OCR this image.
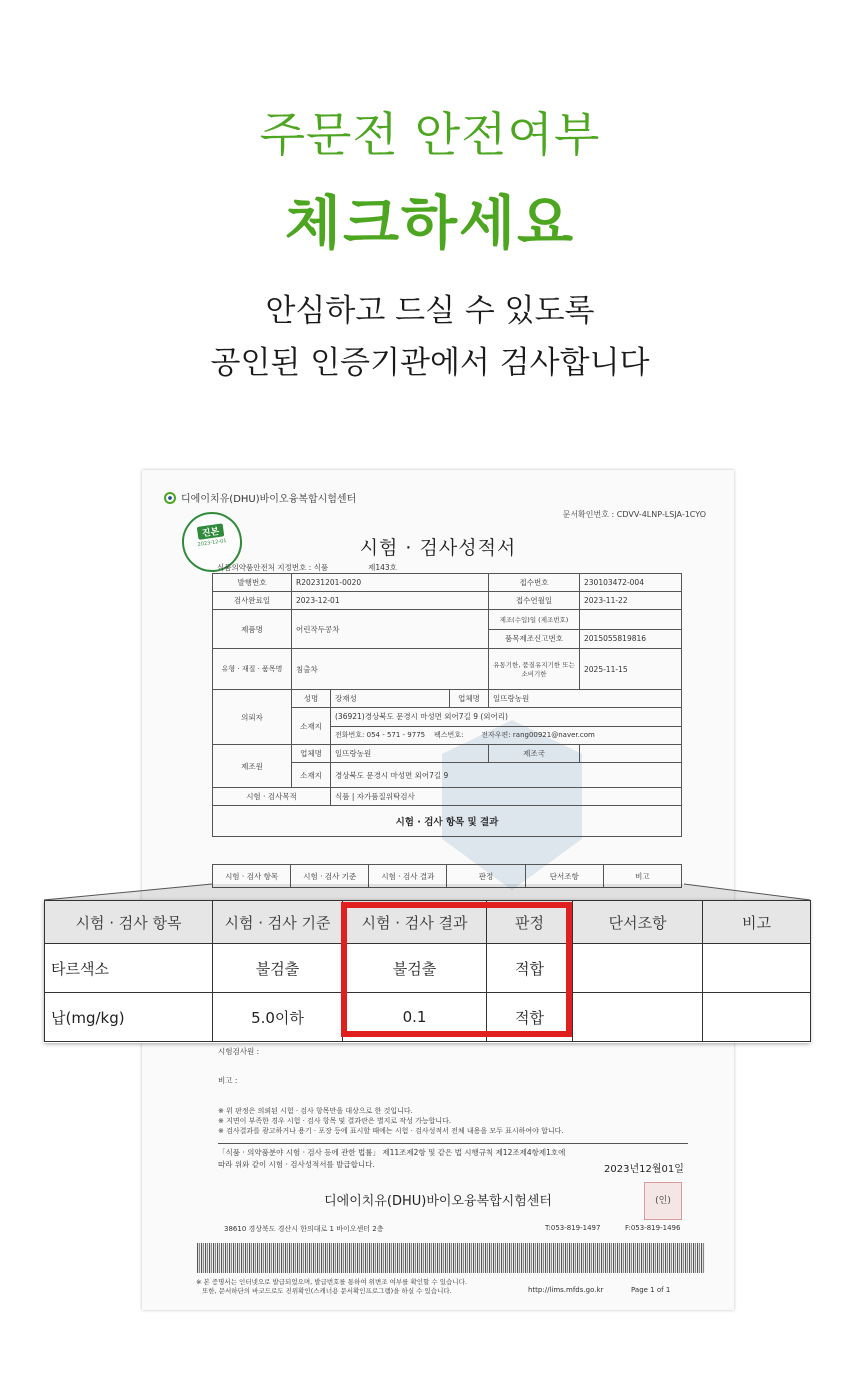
주문전 안전여부
체크하세요
안심하고 드실 수 있도록
공인된 인증기관에서 검사합니다
디에이치유(DHU)바이오융복합시험센터
문서확인번호 : CDVV-4LNP-LSJA-1CYO
진본
2023-12-01	시험 · 검사성적서
식품의약품안전처 지정번호 : 식품	제143호
발행번호	R20231201-0020			접수번호	230103472-004
검사완료일	2023-12-01			접수연월일	2023-11-22
제품명	어린작두콩차			제조(수입)일 (제조번호)	
				품목제조신고번호	2015055819816
유형 · 재질 · 품목명	침출차			유통기한, 품질유지기한 또는 소비기한	2025-11-15
의뢰자	성명	장재성	업체명	일뜨랑농원	
	소재지	(36921)경상북도 문경시 마성면 외어7길 9 (외어리)			
		전화번호: 054 - 571 - 9775 팩스번호: 전자우편: rang00921@naver.com			
제조원	업체명	일뜨랑농원		제조국	
	소재지	경상북도 문경시 마성면 외어7길 9			
시험 · 검사목적		식품 | 자가품질위탁검사			
시험 · 검사 항목 및 결과					
시험 · 검사 항목	시험 · 검사 기준	시험 · 검사 결과	판정	단서조항	비고
시험검사원 :
비고 :
※ 위 판정은 의뢰된 시험 · 검사 항목만을 대상으로 한 것입니다.
※ 지면이 부족한 경우 시험 · 검사 항목 및 결과란은 별지로 작성 가능합니다.
※ 검사결과를 광고하거나 용기 · 포장 등에 표시할 때에는 시험 · 검사성적서 전체 내용을 모두 표시하여야 합니다.
「식품 · 의약품분야 시험 · 검사 등에 관한 법률」 제11조제2항 및 같은 법 시행규칙 제12조제4항제1호에
따라 위와 같이 시험 · 검사성적서를 발급합니다.	2023년12월01일
디에이치유(DHU)바이오융복합시험센터	(인)
38610 경상북도 경산시 한의대로 1 바이오센터 2층	T:053-819-1497	F:053-819-1496
※ 본 증명서는 인터넷으로 발급되었으며, 발급번호를 통하여 위변조 여부를 확인할 수 있습니다.
또한, 문서하단의 바코드로도 진위확인(스캐너용 문서확인프로그램)을 하실 수 있습니다.	http://lims.mfds.go.kr	Page 1 of 1
시험 · 검사 항목	시험 · 검사 기준	시험 · 검사 결과	판정	단서조항	비고
타르색소	불검출	불검출	적합		
납(mg/kg)	5.0이하	0.1	적합		
